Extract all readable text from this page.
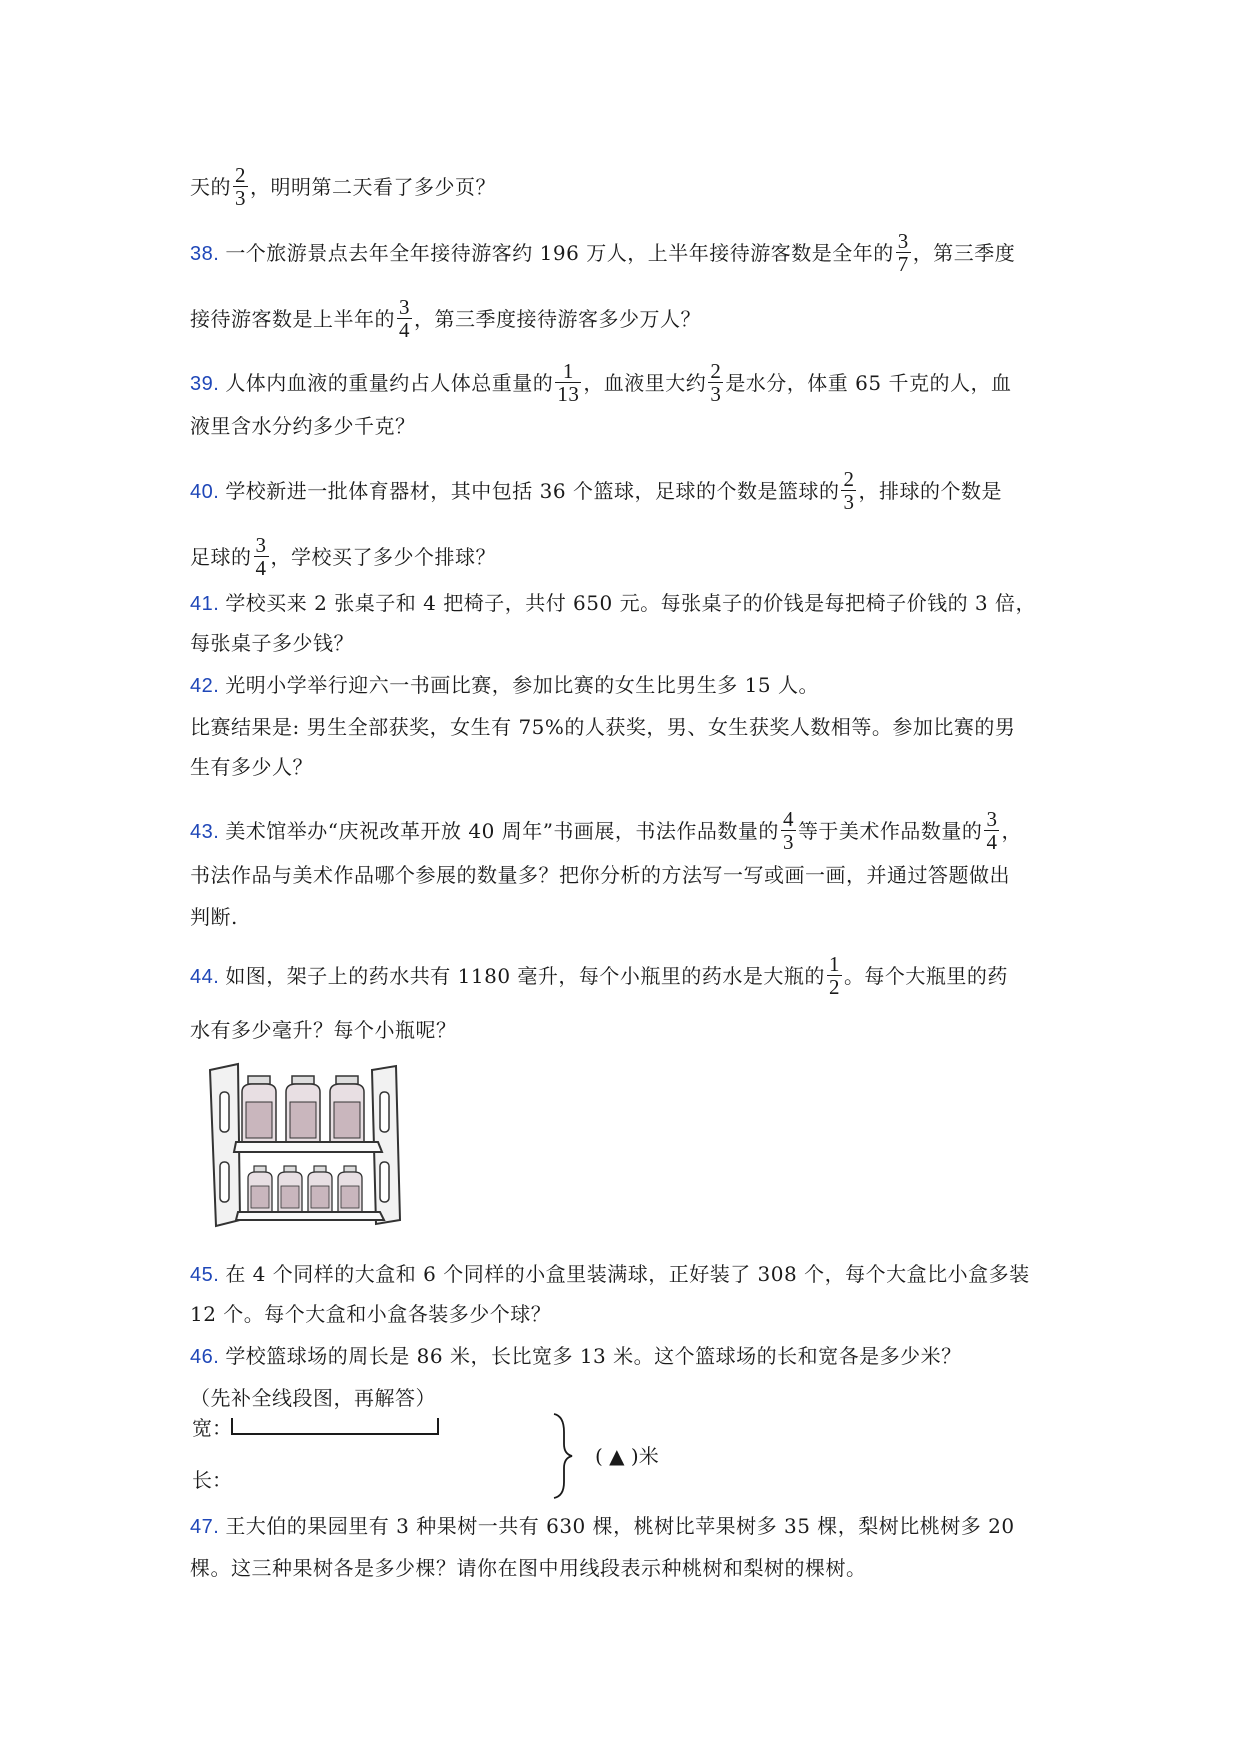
天的 $\frac{2}{3}$ ，明明第二天看了多少页？
38. 一个旅游景点去年全年接待游客约 196 万人，上半年接待游客数是全年的 $\frac{3}{7}$ ，第三季度
接待游客数是上半年的 $\frac{3}{4}$ ，第三季度接待游客多少万人？
39. 人体内血液的重量约占人体总重量的 $\frac{1}{13}$ ，血液里大约 $\frac{2}{3}$ 是水分，体重 65 千克的人，血
液里含水分约多少千克？
40. 学校新进一批体育器材，其中包括 36 个篮球，足球的个数是篮球的 $\frac{2}{3}$ ，排球的个数是
足球的 $\frac{3}{4}$ ，学校买了多少个排球？
41. 学校买来 2 张桌子和 4 把椅子，共付 650 元。每张桌子的价钱是每把椅子价钱的 3 倍，
每张桌子多少钱？
42. 光明小学举行迎六一书画比赛，参加比赛的女生比男生多 15 人。
比赛结果是: 男生全部获奖，女生有 75%的人获奖，男、女生获奖人数相等。参加比赛的男
生有多少人？
43. 美术馆举办“庆祝改革开放 40 周年”书画展，书法作品数量的 $\frac{4}{3}$ 等于美术作品数量的 $\frac{3}{4}$ ，
书法作品与美术作品哪个参展的数量多？把你分析的方法写一写或画一画，并通过答题做出
判断.
44. 如图，架子上的药水共有 1180 毫升，每个小瓶里的药水是大瓶的 $\frac{1}{2}$ 。每个大瓶里的药
水有多少毫升？每个小瓶呢？
45. 在 4 个同样的大盒和 6 个同样的小盒里装满球，正好装了 308 个，每个大盒比小盒多装
12 个。每个大盒和小盒各装多少个球？
46. 学校篮球场的周长是 86 米，长比宽多 13 米。这个篮球场的长和宽各是多少米？
（先补全线段图，再解答）
宽：
长：
( ▲ )米
47. 王大伯的果园里有 3 种果树一共有 630 棵，桃树比苹果树多 35 棵，梨树比桃树多 20
棵。这三种果树各是多少棵？请你在图中用线段表示种桃树和梨树的棵树。
